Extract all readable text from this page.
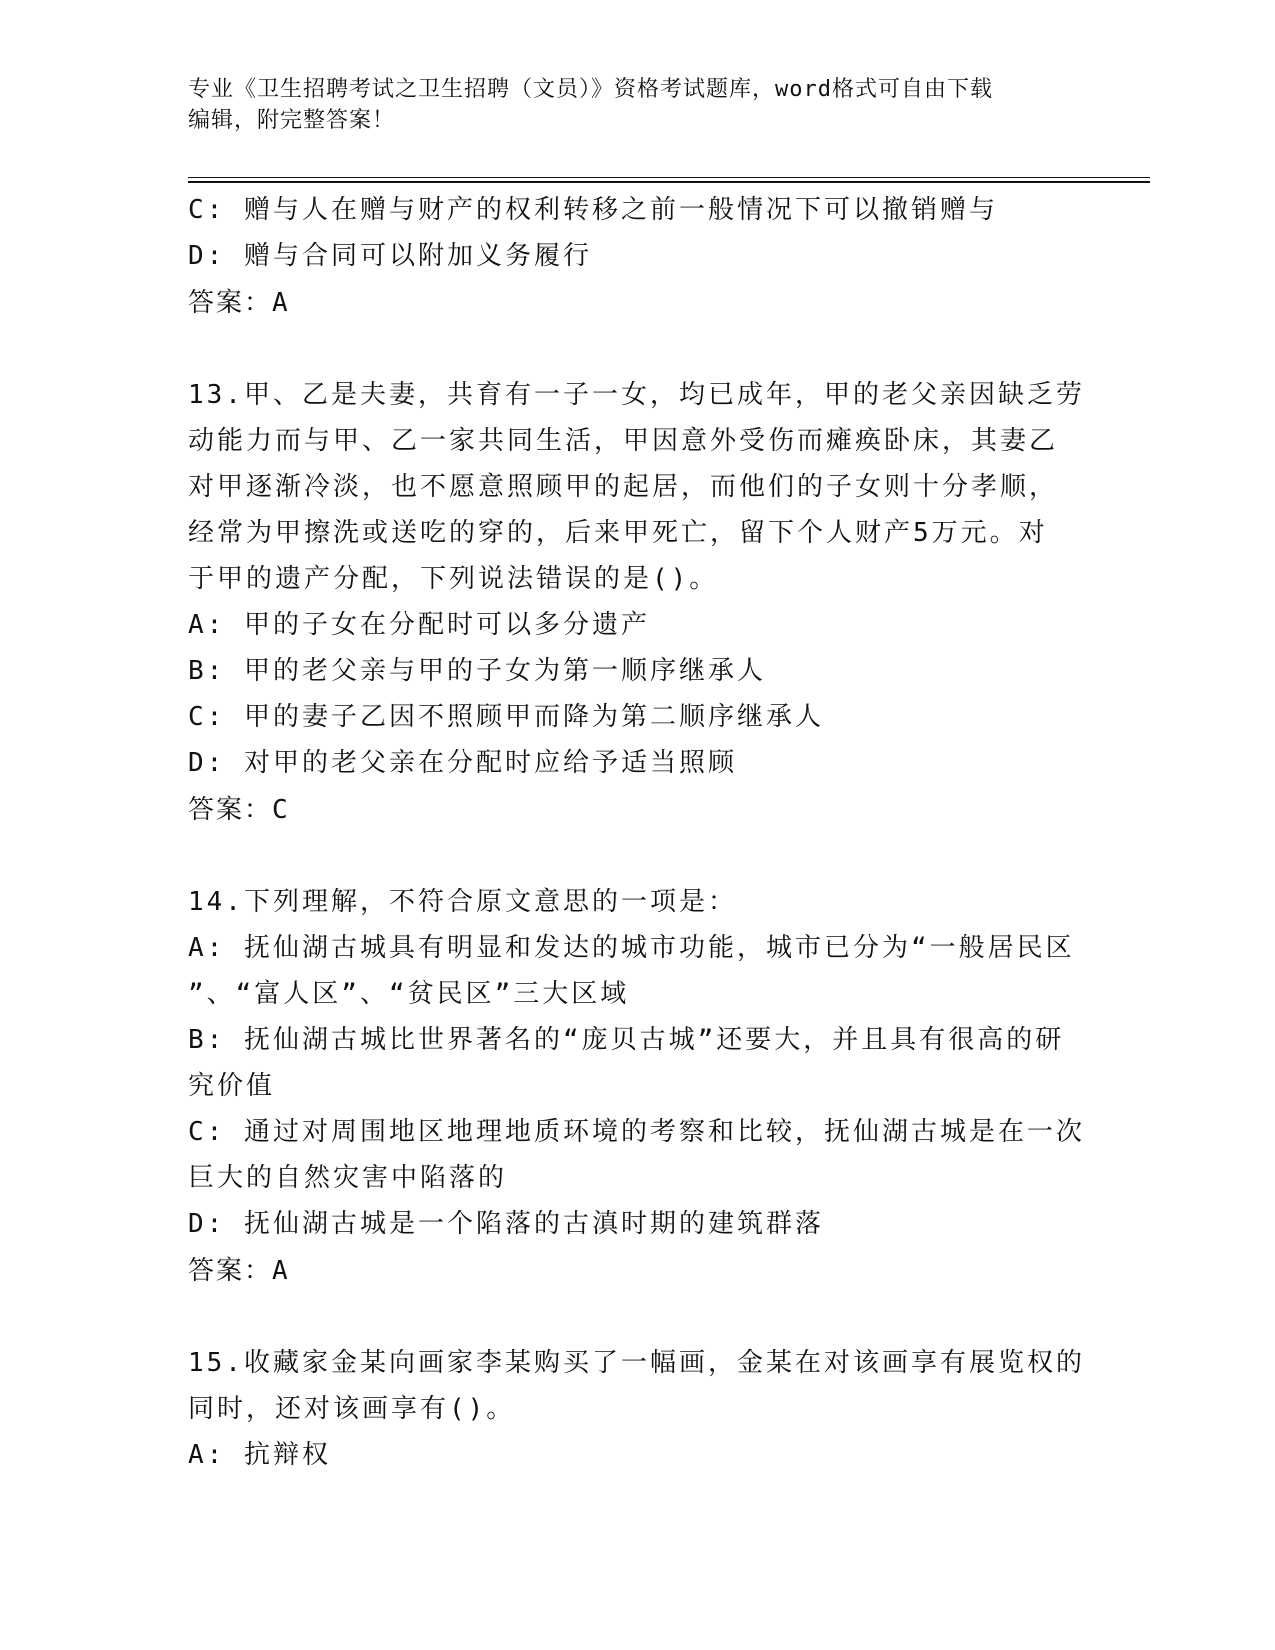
专业《卫生招聘考试之卫生招聘（文员）》资格考试题库，word格式可自由下载
编辑，附完整答案！
C: 赠与人在赠与财产的权利转移之前一般情况下可以撤销赠与
D: 赠与合同可以附加义务履行
答案：A
13.甲、乙是夫妻，共育有一子一女，均已成年，甲的老父亲因缺乏劳
动能力而与甲、乙一家共同生活，甲因意外受伤而瘫痪卧床，其妻乙
对甲逐渐冷淡，也不愿意照顾甲的起居，而他们的子女则十分孝顺，
经常为甲擦洗或送吃的穿的，后来甲死亡，留下个人财产5万元。对
于甲的遗产分配，下列说法错误的是()。
A: 甲的子女在分配时可以多分遗产
B: 甲的老父亲与甲的子女为第一顺序继承人
C: 甲的妻子乙因不照顾甲而降为第二顺序继承人
D: 对甲的老父亲在分配时应给予适当照顾
答案：C
14.下列理解，不符合原文意思的一项是：
A: 抚仙湖古城具有明显和发达的城市功能，城市已分为“一般居民区
”、“富人区”、“贫民区”三大区域
B: 抚仙湖古城比世界著名的“庞贝古城”还要大，并且具有很高的研
究价值
C: 通过对周围地区地理地质环境的考察和比较，抚仙湖古城是在一次
巨大的自然灾害中陷落的
D: 抚仙湖古城是一个陷落的古滇时期的建筑群落
答案：A
15.收藏家金某向画家李某购买了一幅画，金某在对该画享有展览权的
同时，还对该画享有()。
A: 抗辩权
